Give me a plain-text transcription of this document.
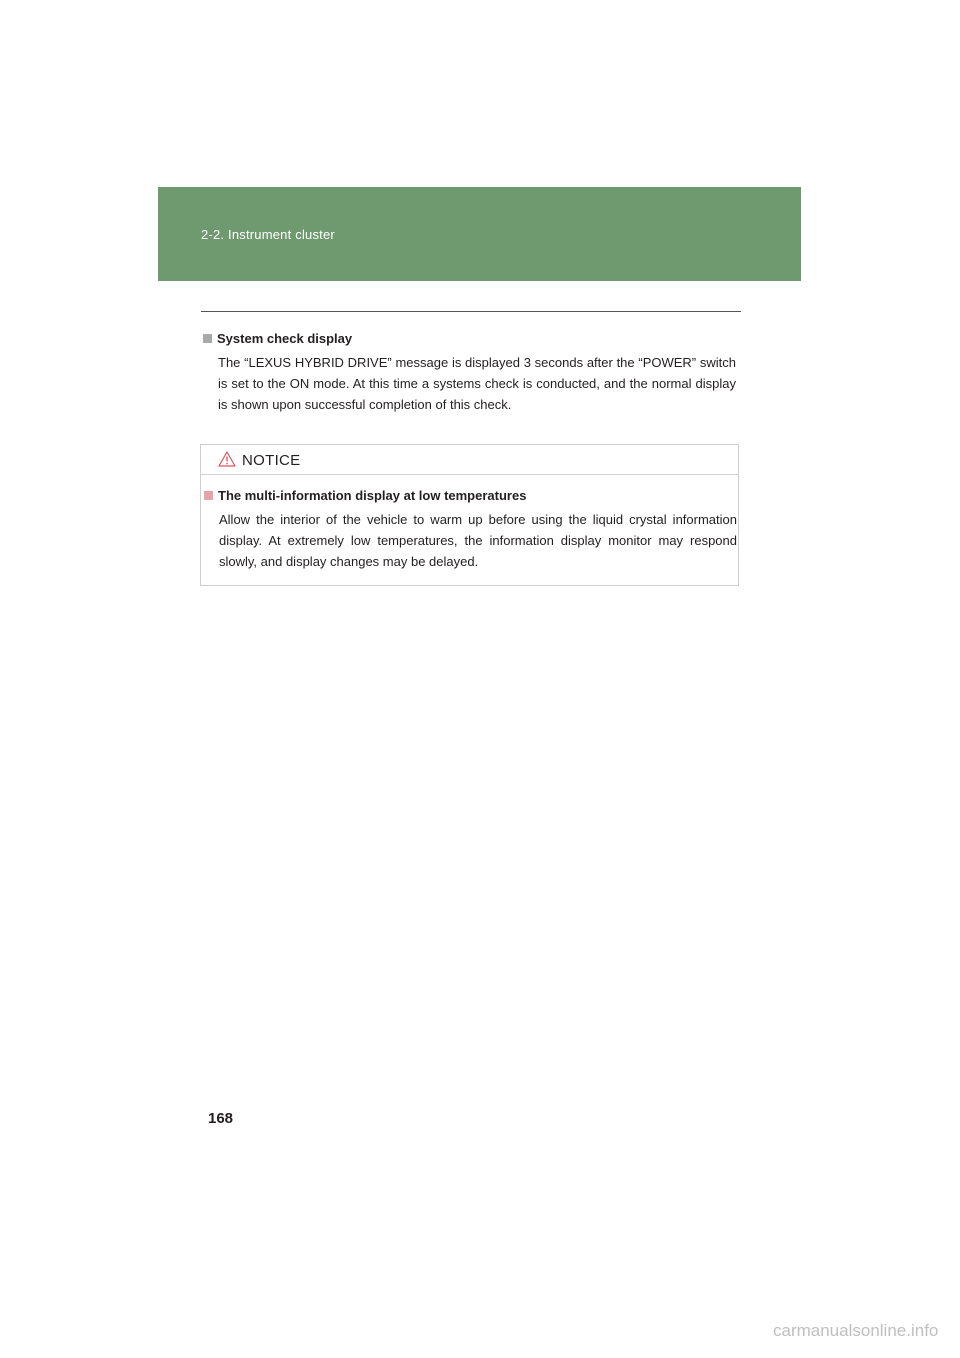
2-2. Instrument cluster
System check display

The “LEXUS HYBRID DRIVE” message is displayed 3 seconds after the “POWER” switch is set to the ON mode. At this time a systems check is conducted, and the normal display is shown upon successful completion of this check.

NOTICE
The multi-information display at low temperatures

Allow the interior of the vehicle to warm up before using the liquid crystal information display. At extremely low temperatures, the information display monitor may respond slowly, and display changes may be delayed.

168
carmanualsonline.info
